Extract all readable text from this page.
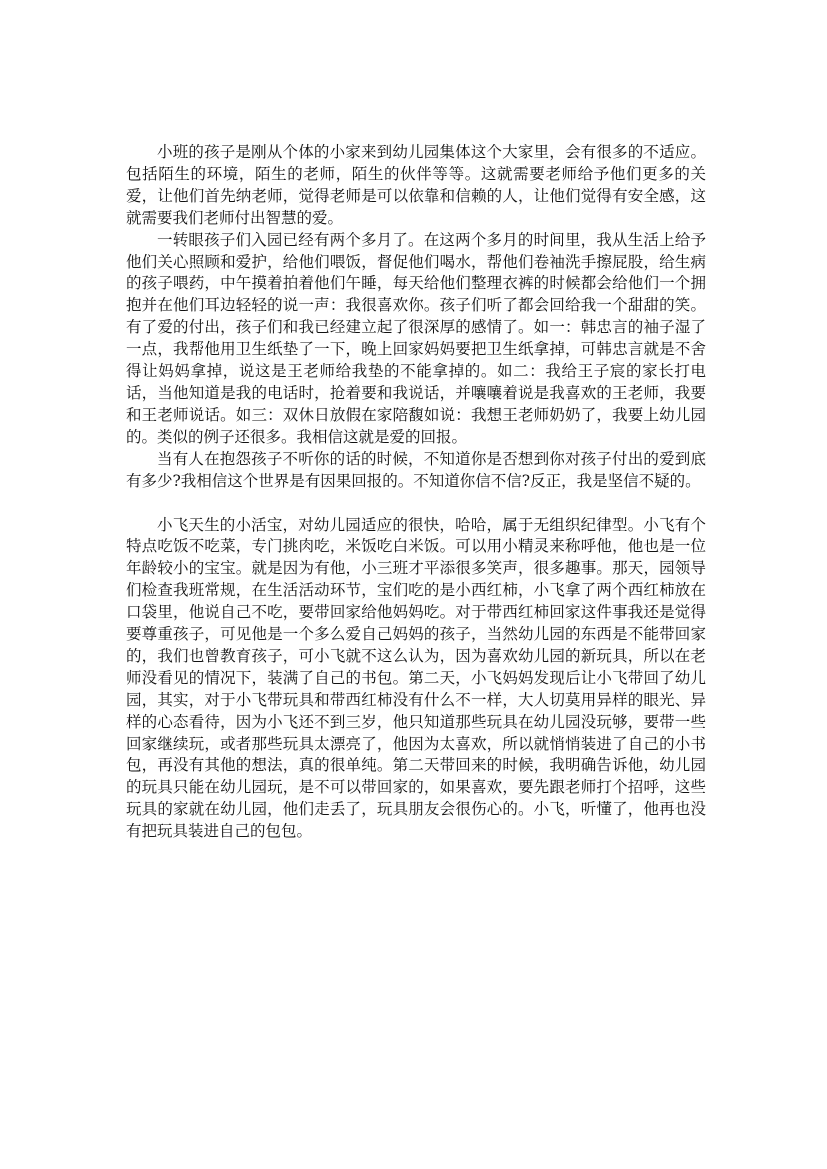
小班的孩子是刚从个体的小家来到幼儿园集体这个大家里，会有很多的不适应。包括陌生的环境，陌生的老师，陌生的伙伴等等。这就需要老师给予他们更多的关爱，让他们首先纳老师，觉得老师是可以依靠和信赖的人，让他们觉得有安全感，这就需要我们老师付出智慧的爱。

一转眼孩子们入园已经有两个多月了。在这两个多月的时间里，我从生活上给予他们关心照顾和爱护，给他们喂饭，督促他们喝水，帮他们卷袖洗手擦屁股，给生病的孩子喂药，中午摸着拍着他们午睡，每天给他们整理衣裤的时候都会给他们一个拥抱并在他们耳边轻轻的说一声：我很喜欢你。孩子们听了都会回给我一个甜甜的笑。有了爱的付出，孩子们和我已经建立起了很深厚的感情了。如一：韩忠言的袖子湿了一点，我帮他用卫生纸垫了一下，晚上回家妈妈要把卫生纸拿掉，可韩忠言就是不舍得让妈妈拿掉，说这是王老师给我垫的不能拿掉的。如二：我给王子宸的家长打电话，当他知道是我的电话时，抢着要和我说话，并嚷嚷着说是我喜欢的王老师，我要和王老师说话。如三：双休日放假在家陪馥如说：我想王老师奶奶了，我要上幼儿园的。类似的例子还很多。我相信这就是爱的回报。

当有人在抱怨孩子不听你的话的时候，不知道你是否想到你对孩子付出的爱到底有多少?我相信这个世界是有因果回报的。不知道你信不信?反正，我是坚信不疑的。

小飞天生的小活宝，对幼儿园适应的很快，哈哈，属于无组织纪律型。小飞有个特点吃饭不吃菜，专门挑肉吃，米饭吃白米饭。可以用小精灵来称呼他，他也是一位年龄较小的宝宝。就是因为有他，小三班才平添很多笑声，很多趣事。那天，园领导们检查我班常规，在生活活动环节，宝们吃的是小西红柿，小飞拿了两个西红柿放在口袋里，他说自己不吃，要带回家给他妈妈吃。对于带西红柿回家这件事我还是觉得要尊重孩子，可见他是一个多么爱自己妈妈的孩子，当然幼儿园的东西是不能带回家的，我们也曾教育孩子，可小飞就不这么认为，因为喜欢幼儿园的新玩具，所以在老师没看见的情况下，装满了自己的书包。第二天，小飞妈妈发现后让小飞带回了幼儿园，其实，对于小飞带玩具和带西红柿没有什么不一样，大人切莫用异样的眼光、异样的心态看待，因为小飞还不到三岁，他只知道那些玩具在幼儿园没玩够，要带一些回家继续玩，或者那些玩具太漂亮了，他因为太喜欢，所以就悄悄装进了自己的小书包，再没有其他的想法，真的很单纯。第二天带回来的时候，我明确告诉他，幼儿园的玩具只能在幼儿园玩，是不可以带回家的，如果喜欢，要先跟老师打个招呼，这些玩具的家就在幼儿园，他们走丢了，玩具朋友会很伤心的。小飞，听懂了，他再也没有把玩具装进自己的包包。
